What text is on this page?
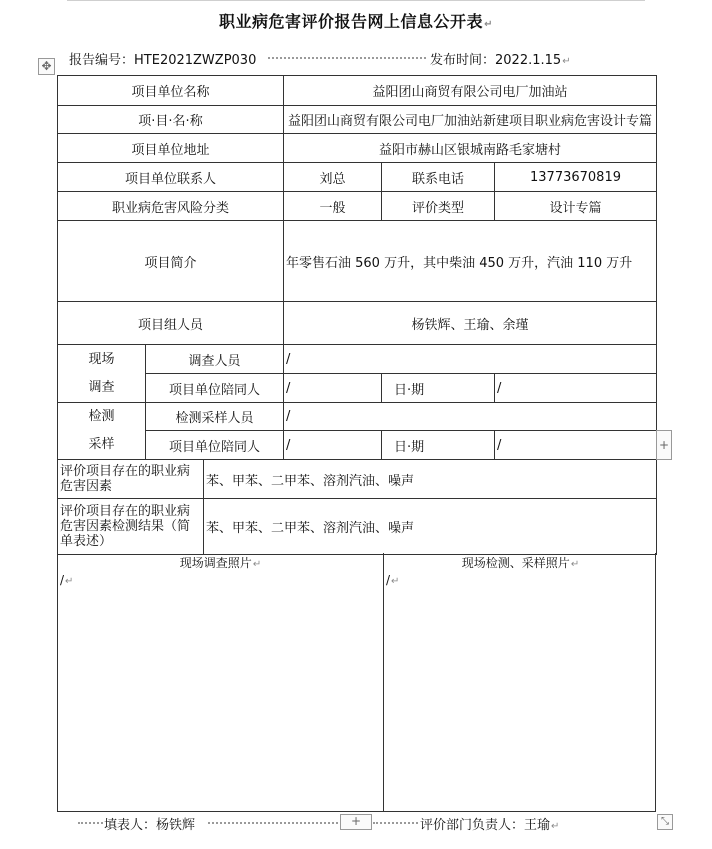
职业病危害评价报告网上信息公开表↵
✥ 报告编号：HTE2021ZWZP030	发布时间：2022.1.15↵
项目单位名称			益阳团山商贸有限公司电厂加油站		
项·目·名·称			益阳团山商贸有限公司电厂加油站新建项目职业病危害设计专篇		
项目单位地址			益阳市赫山区银城南路毛家塘村		
项目单位联系人			刘总	联系电话	13773670819
职业病危害风险分类			一般	评价类型	设计专篇
项目简介			年零售石油 560 万升，其中柴油 450 万升，汽油 110 万升		
项目组人员			杨铁辉、王瑜、余瑾		

现场
调查	调查人员		/		
	项目单位陪同人		/	日·期	/

检测
采样	检测采样人员		/		
	项目单位陪同人		/	日·期	/
评价项目存在的职业病危害因素		苯、甲苯、二甲苯、溶剂汽油、噪声			
评价项目存在的职业病危害因素检测结果（简单表述）		苯、甲苯、二甲苯、溶剂汽油、噪声			
现场调查照片↵	现场检测、采样照片↵
/↵	/↵
+
填表人：杨铁辉	+	评价部门负责人：王瑜↵	⤡
